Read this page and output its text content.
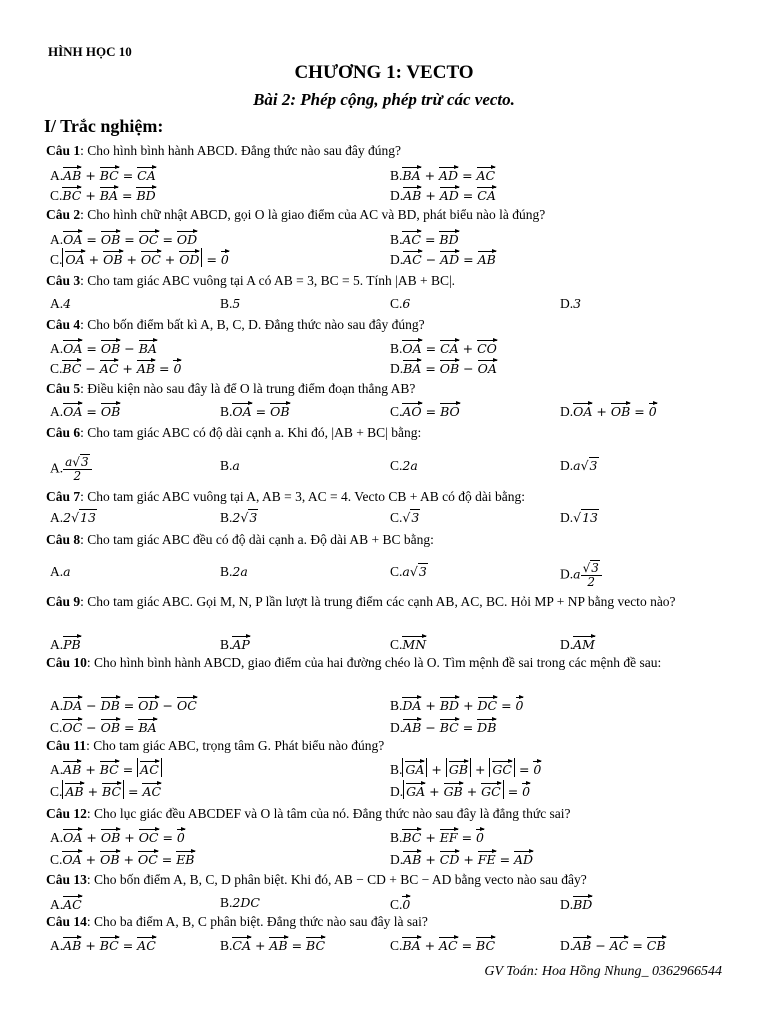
HÌNH HỌC 10
CHƯƠNG 1: VECTO
Bài 2: Phép cộng, phép trừ các vecto.
I/ Trắc nghiệm:
Câu 1: Cho hình bình hành ABCD. Đẳng thức nào sau đây đúng?
A.AB + BC = CA	B.BA + AD = AC
C.BC + BA = BD	D.AB + AD = CA
Câu 2: Cho hình chữ nhật ABCD, gọi O là giao điểm của AC và BD, phát biểu nào là đúng?
A.OA = OB = OC = OD	B.AC = BD
C. OA + OB + OC + OD = 0	D.AC − AD = AB
Câu 3: Cho tam giác ABC vuông tại A có AB = 3, BC = 5. Tính |AB + BC|.
A.4	B.5	C.6	D.3
Câu 4: Cho bốn điểm bất kì A, B, C, D. Đẳng thức nào sau đây đúng?
A.OA = OB − BA	B.OA = CA + CO
C.BC − AC + AB = 0	D.BA = OB − OA
Câu 5: Điều kiện nào sau đây là để O là trung điểm đoạn thẳng AB?
A.OA = OB	B.OA = OB	C.AO = BO	D.OA + OB = 0
Câu 6: Cho tam giác ABC có độ dài cạnh a. Khi đó, |AB + BC| bằng:
A. $\frac{a√3}{2}$	B.a	C.2a	D.a√3
Câu 7: Cho tam giác ABC vuông tại A, AB = 3, AC = 4. Vecto CB + AB có độ dài bằng:
A.2√13	B.2√3	C.√3	D.√13
Câu 8: Cho tam giác ABC đều có độ dài cạnh a. Độ dài AB + BC bằng:
A.a	B.2a	C.a√3	$D.a \frac{√3}{2}$
Câu 9: Cho tam giác ABC. Gọi M, N, P lần lượt là trung điểm các cạnh AB, AC, BC. Hỏi MP + NP bằng vecto nào?
A.PB	B.AP	C.MN	D.AM
Câu 10: Cho hình bình hành ABCD, giao điểm của hai đường chéo là O. Tìm mệnh đề sai trong các mệnh đề sau:
A.DA − DB = OD − OC	B.DA + BD + DC = 0
C.OC − OB = BA	D.AB − BC = DB
Câu 11: Cho tam giác ABC, trọng tâm G. Phát biểu nào đúng?
A.AB + BC = AC	B. GA + GB + GC = 0
C. AB + BC = AC	D. GA + GB + GC = 0
Câu 12: Cho lục giác đều ABCDEF và O là tâm của nó. Đẳng thức nào sau đây là đẳng thức sai?
A.OA + OB + OC = 0	B.BC + EF = 0
C.OA + OB + OC = EB	D.AB + CD + FE = AD
Câu 13: Cho bốn điểm A, B, C, D phân biệt. Khi đó, AB − CD + BC − AD bằng vecto nào sau đây?
A.AC	B.2DC	C.0	D.BD
Câu 14: Cho ba điểm A, B, C phân biệt. Đẳng thức nào sau đây là sai?
A.AB + BC = AC	B.CA + AB = BC	C.BA + AC = BC	D.AB − AC = CB
GV Toán: Hoa Hồng Nhung_ 0362966544
